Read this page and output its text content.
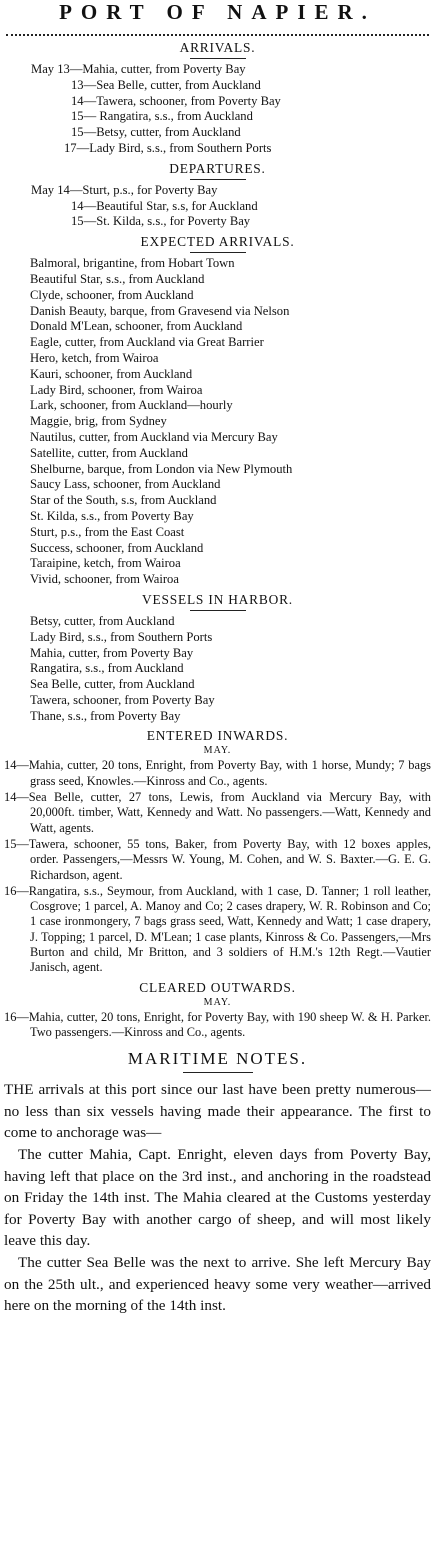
PORT OF NAPIER.
ARRIVALS.
May 13—Mahia, cutter, from Poverty Bay
13—Sea Belle, cutter, from Auckland
14—Tawera, schooner, from Poverty Bay
15— Rangatira, s.s., from Auckland
15—Betsy, cutter, from Auckland
17—Lady Bird, s.s., from Southern Ports
DEPARTURES.
May 14—Sturt, p.s., for Poverty Bay
14—Beautiful Star, s.s, for Auckland
15—St. Kilda, s.s., for Poverty Bay
EXPECTED ARRIVALS.
Balmoral, brigantine, from Hobart Town
Beautiful Star, s.s., from Auckland
Clyde, schooner, from Auckland
Danish Beauty, barque, from Gravesend via Nelson
Donald M'Lean, schooner, from Auckland
Eagle, cutter, from Auckland via Great Barrier
Hero, ketch, from Wairoa
Kauri, schooner, from Auckland
Lady Bird, schooner, from Wairoa
Lark, schooner, from Auckland—hourly
Maggie, brig, from Sydney
Nautilus, cutter, from Auckland via Mercury Bay
Satellite, cutter, from Auckland
Shelburne, barque, from London via New Plymouth
Saucy Lass, schooner, from Auckland
Star of the South, s.s, from Auckland
St. Kilda, s.s., from Poverty Bay
Sturt, p.s., from the East Coast
Success, schooner, from Auckland
Taraipine, ketch, from Wairoa
Vivid, schooner, from Wairoa
VESSELS IN HARBOR.
Betsy, cutter, from Auckland
Lady Bird, s.s., from Southern Ports
Mahia, cutter, from Poverty Bay
Rangatira, s.s., from Auckland
Sea Belle, cutter, from Auckland
Tawera, schooner, from Poverty Bay
Thane, s.s., from Poverty Bay
ENTERED INWARDS.
MAY.
14—Mahia, cutter, 20 tons, Enright, from Poverty Bay, with 1 horse, Mundy; 7 bags grass seed, Knowles.—Kinross and Co., agents.
14—Sea Belle, cutter, 27 tons, Lewis, from Auckland via Mercury Bay, with 20,000ft. timber, Watt, Kennedy and Watt. No passengers.—Watt, Kennedy and Watt, agents.
15—Tawera, schooner, 55 tons, Baker, from Poverty Bay, with 12 boxes apples, order. Passengers,—Messrs W. Young, M. Cohen, and W. S. Baxter.—G. E. G. Richardson, agent.
16—Rangatira, s.s., Seymour, from Auckland, with 1 case, D. Tanner; 1 roll leather, Cosgrove; 1 parcel, A. Manoy and Co; 2 cases drapery, W. R. Robinson and Co; 1 case ironmongery, 7 bags grass seed, Watt, Kennedy and Watt; 1 case drapery, J. Topping; 1 parcel, D. M'Lean; 1 case plants, Kinross & Co. Passengers,—Mrs Burton and child, Mr Britton, and 3 soldiers of H.M.'s 12th Regt.—Vautier Janisch, agent.
CLEARED OUTWARDS.
MAY.
16—Mahia, cutter, 20 tons, Enright, for Poverty Bay, with 190 sheep W. & H. Parker. Two passengers.—Kinross and Co., agents.
MARITIME NOTES.

THE arrivals at this port since our last have been pretty numerous—no less than six vessels having made their appearance. The first to come to anchorage was—

The cutter Mahia, Capt. Enright, eleven days from Poverty Bay, having left that place on the 3rd inst., and anchoring in the roadstead on Friday the 14th inst. The Mahia cleared at the Customs yesterday for Poverty Bay with another cargo of sheep, and will most likely leave this day.

The cutter Sea Belle was the next to arrive. She left Mercury Bay on the 25th ult., and experienced heavy some very weather—arrived here on the morning of the 14th inst.
